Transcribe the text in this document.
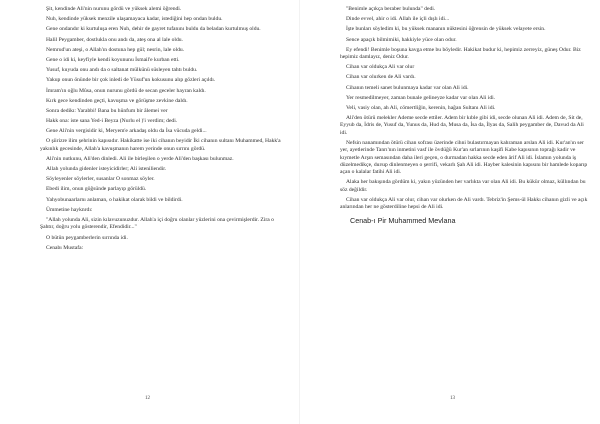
Şit, kendinde Ali'nin nurunu gördü ve yüksek alemi öğrendi.

Nuh, kendinde yüksek menzile ulaşamayaca kadar, istediğini hep ondan buldu.

Gene ondandır ki kurtuluşa eren Nuh, dehir de gayret tufanını buldu da beladan kurtulmuş oldu.

Halil Peygamber, dostlukla onu andı da, ateş ona al lale oldu.

Nemrud'un ateşi, o Allah'ın dostuna hep gül; nesrin, lale oldu.

Gene o idi ki, keyfiyle kendi koyununu İsmail'e kurban etti.

Yusuf, kuyuda onu andı da o saltanat mülkünü süsleyen tahtı buldu.

Yakup onun önünde bir çok inledi de Yüsuf'un kokusunu alıp gözleri açıldı.

İmram'ın oğlu Mûsa, onun nurunu gördü de secan geceler hayran kaldı.

Kırk gece kendinden geçti, kavuşma ve görüşme zevkine daldı.

Sonra dedikı: Yarabbi! Bana bu hünfum bir âlemei ver

Hakk ona: iste sana Yed-i Beyza (Nurlu el )'i verdim; dedi.

Gene Ali'nin vergisidir ki, Meryem'e arkadaş oldu da İsa vücuda geldi...

O şiirizre ilim şehrinin kapısıdır. Hakikatte ise iki cihanın beyidir İki cihanın sultanı Muhammed, Hakk'a yakınlık gecesinde, Allah'a kavuşmanın harem yerinde onun sırrını gördü.

Ali'nin nutkunu, Ali'den dinledi. Ali ile birleşilen o yerde Ali'den başkası bulunmaz.

Allah yolunda gidenler isteyicidirler; Ali isteniliendir.

Söyleyenler söylerler, susanlar O sonmaz söyler.

Ebedi ilim, onun göğsünde parlayıp görüldü.

Yahyobunaarlarnı anlaman, o hakikat olarak bildi ve bildirdi.

Ümmetine hayknrdı:

"Allah yolunda Ali, sizin kılavuzunuzdur. Allah'a içi doğru olanlar yüzlerini ona çevirmişlerdir. Zira o Şahtır, doğru yolu gösterendir, Efendidir..."

O bütün peygamberlerin sırrında idi.

Cenabı Mustafa:

12

"Benimle açıkça beraber bulunda" dedi.

Dinde evvel, ahir o idi. Allah ile içli dışlı idi...

İşte bunları söyledim ki, bu yüksek mananın nüktesini öğrensin de yüksek velayete ersin.

Sence apaçık bilmimiki, hakkiyle yüce olan odur.

Ey efendi! Benimle boşuna kavga etme bu böyledir. Hakikat budur ki, hepimiz zerreyiz, güneş Odur. Biz hepimiz damlayız, deniz Odur.

Cihan var oldukça Ali var olur

Cihan var olurken de Ali vardı.

Cihanın temeli sanet bulunmaya kadar var olan Ali idi.

Yer resmedilmeyer, zaman bunale gelineyze kadar var olan Ali idi.

Veli, vasiy olan, ah Ali, cömertliğin, kerenin, hağan Sultanı Ali idi.

Ali'den ötürü melekler Ademe secde ettiler. Adem bir kıble gibi idi, secde olunan Ali idi. Adem de, Sit de, Eyyub da, İdris de, Yusuf da, Yunus da, Hud da, Musa da, İsa da, İlyas da, Salih peygamber de, Davud da Ali idi.

Nefsin nanamından ötürü cihan sofrası üzerinde cihni bulastırmayan kahraman arslan Ali idi. Kur'an'ın ser yer, ayetlerinde Tanrı'nın inmetini vasf ile övdüğü Kur'an sırlarının kaşifi Kabe kapısının toprağı kadir ve kıymetle Arşın semasından daha ileri geçen, o durmadan hakka secde eden ârif Ali idi. İslamın yolunda iş düzelmedikçe, dursıp dinlenmeyen o şerrifi, vekarlı Şah Ali idi. Hayber kalesinin kapısını bir hamlede koparıp açan o kalalar fatihi Ali idi.

Alaka her bakışında gördüm ki, yakın yüzünden her varlıkta var olan Ali idi. Bu kükür olmaz, küllından bu söz değildir.

Cihan var oldukça Ali var olur, cihan var olurken de Ali vardı. Tebriz'in Şems-ül Hakkı cihanın gizli ve açık anlarından her ne gösterdiline hepsi de Ali idi.

Cenab-ı Pir Muhammed Mevlana
13
